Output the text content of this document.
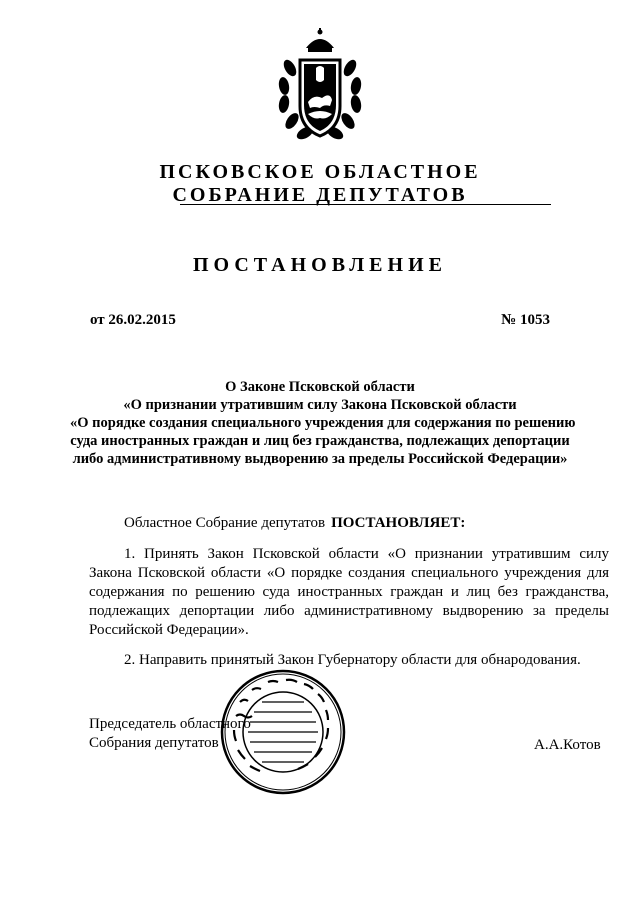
ПСКОВСКОЕ ОБЛАСТНОЕ
СОБРАНИЕ ДЕПУТАТОВ
ПОСТАНОВЛЕНИЕ
от 26.02.2015	№ 1053
О Законе Псковской области
«О признании утратившим силу Закона Псковской области
«О порядке создания специального учреждения для содержания по решению
суда иностранных граждан и лиц без гражданства, подлежащих депортации
либо административному выдворению за пределы Российской Федерации»
Областное Собрание депутатов ПОСТАНОВЛЯЕТ:
1. Принять Закон Псковской области «О признании утратившим силу
Закона Псковской области «О порядке создания специального учреждения для
содержания по решению суда иностранных граждан и лиц без гражданства,
подлежащих депортации либо административному выдворению за пределы
Российской Федерации».
2. Направить принятый Закон Губернатору области для обнародования.
Председатель областного
Собрания депутатов	А.А.Котов
